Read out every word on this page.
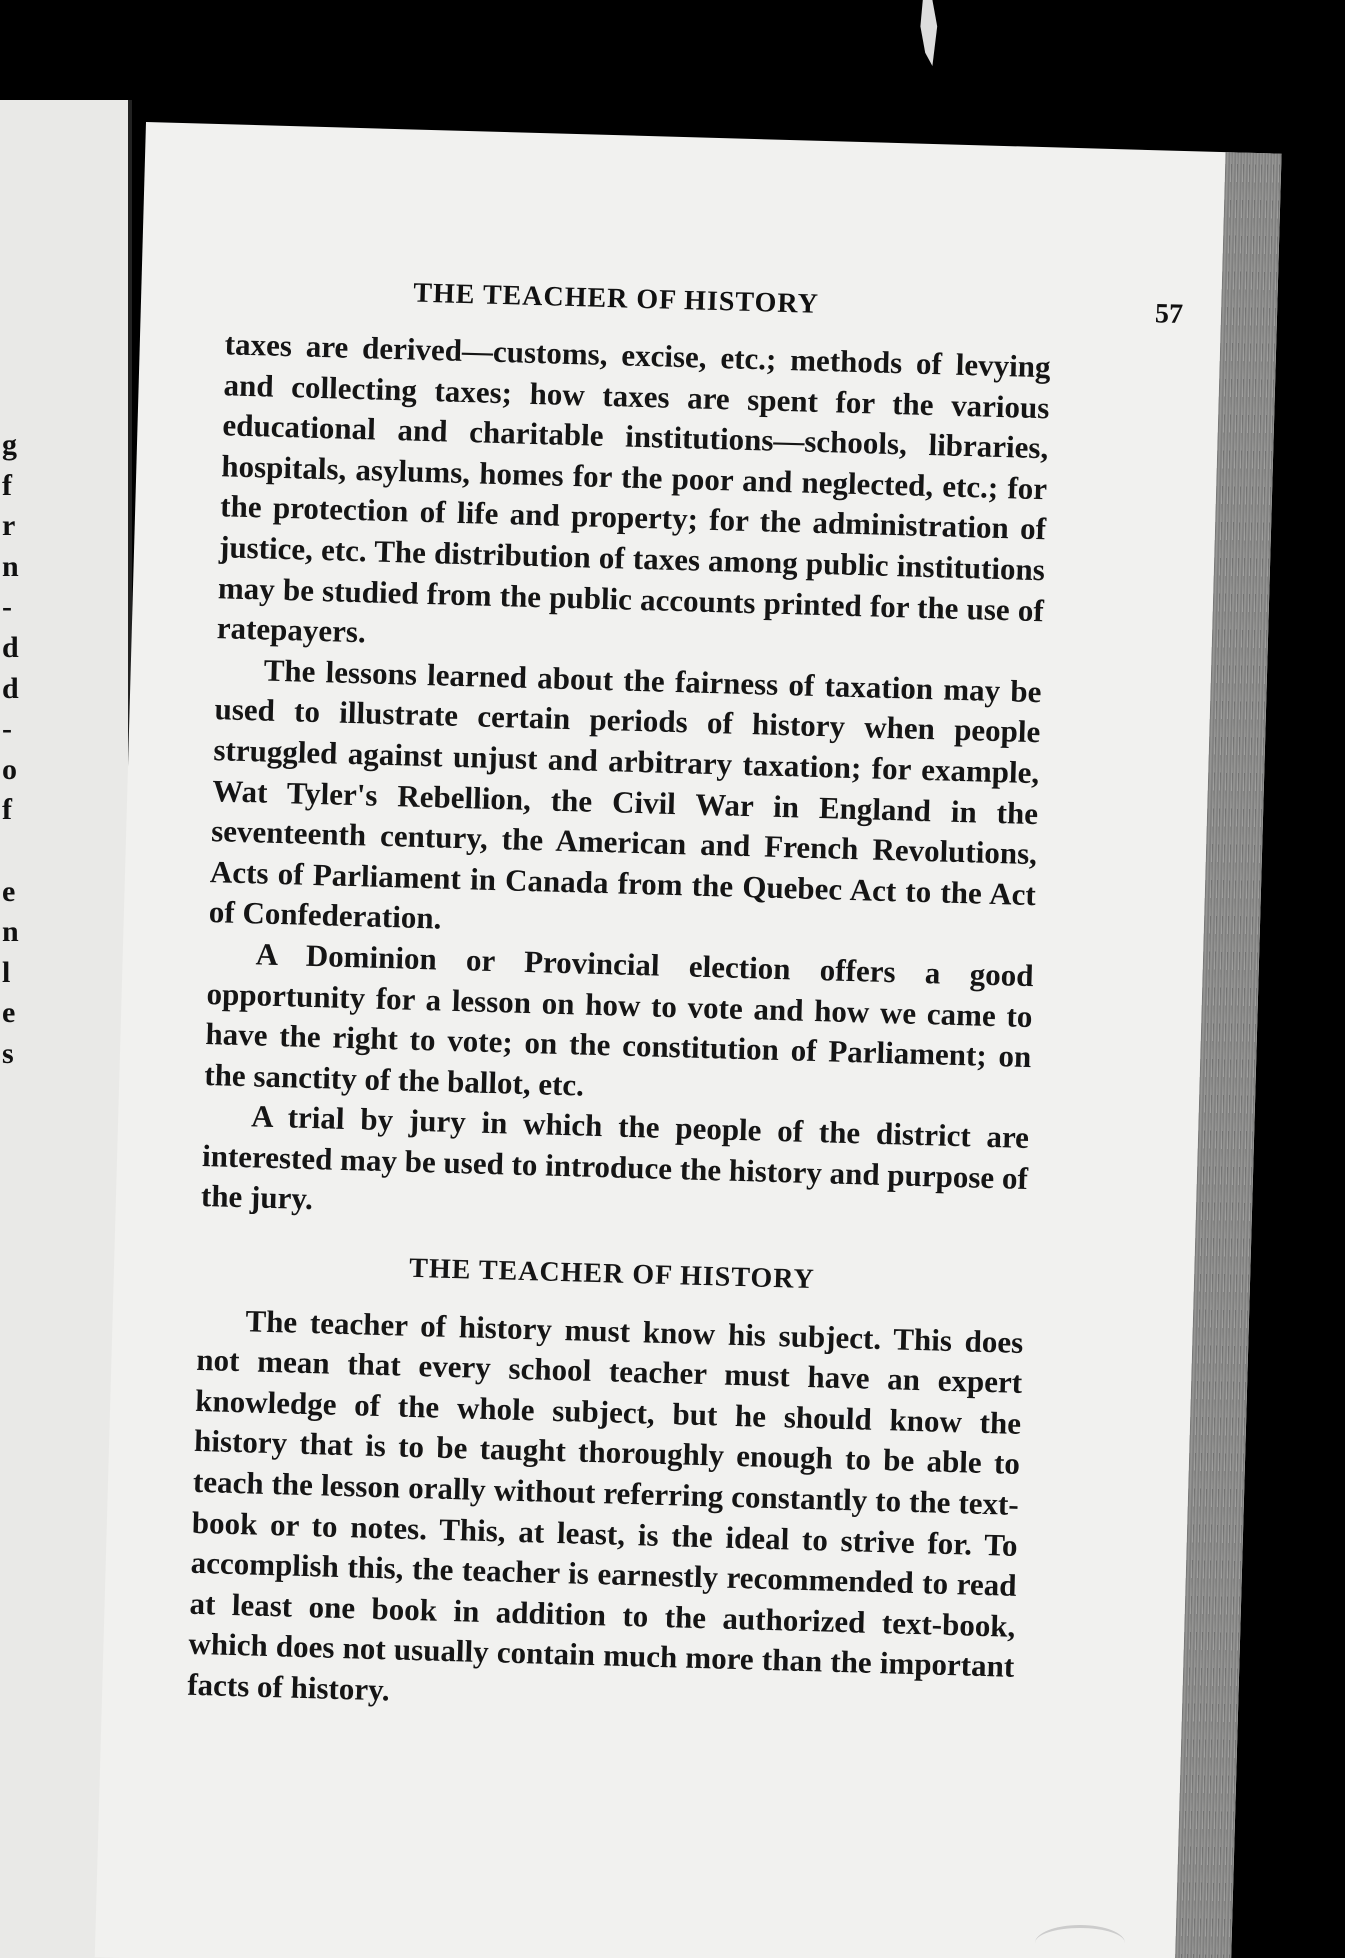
g
f
r
n
-
d
d
-
o
f

e
n
l
e
s
THE TEACHER OF HISTORY	57

taxes are derived—customs, excise, etc.; methods of levying and collecting taxes; how taxes are spent for the various educational and charitable institutions—schools, libraries, hospitals, asylums, homes for the poor and neglected, etc.; for the protection of life and property; for the administration of justice, etc. The distribution of taxes among public institutions may be studied from the public accounts printed for the use of ratepayers.

The lessons learned about the fairness of taxation may be used to illustrate certain periods of history when people struggled against unjust and arbitrary taxation; for example, Wat Tyler's Rebellion, the Civil War in England in the seventeenth century, the American and French Revolutions, Acts of Parliament in Canada from the Quebec Act to the Act of Confederation.

A Dominion or Provincial election offers a good opportunity for a lesson on how to vote and how we came to have the right to vote; on the constitution of Parliament; on the sanctity of the ballot, etc.

A trial by jury in which the people of the district are interested may be used to introduce the history and purpose of the jury.

THE TEACHER OF HISTORY

The teacher of history must know his subject. This does not mean that every school teacher must have an expert knowledge of the whole subject, but he should know the history that is to be taught thoroughly enough to be able to teach the lesson orally without referring constantly to the text-book or to notes. This, at least, is the ideal to strive for. To accomplish this, the teacher is earnestly recommended to read at least one book in addition to the authorized text-book, which does not usually contain much more than the important facts of history.
